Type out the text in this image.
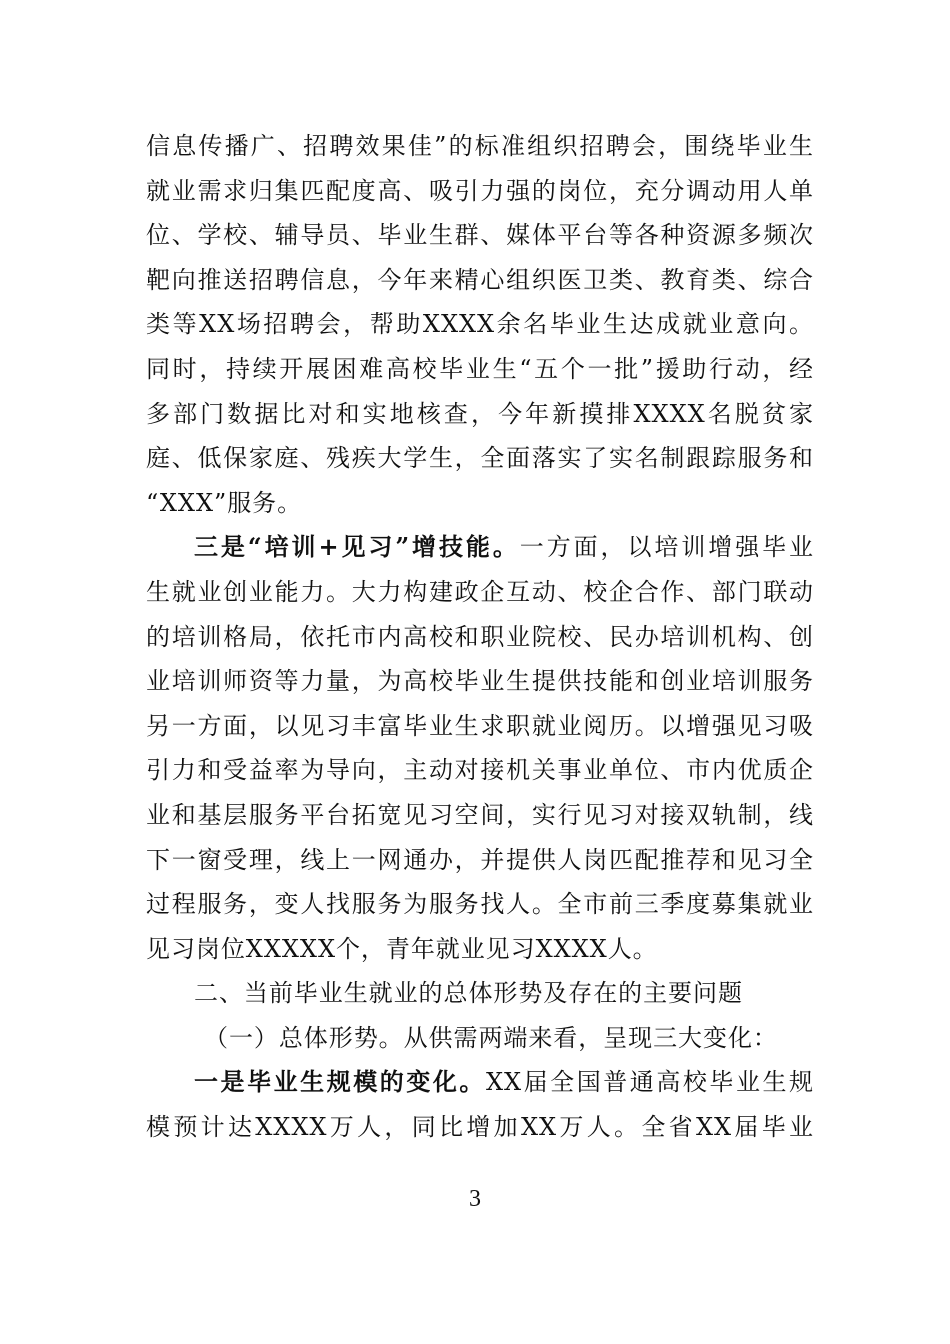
信息传播广、招聘效果佳”的标准组织招聘会，围绕毕业生
就业需求归集匹配度高、吸引力强的岗位，充分调动用人单
位、学校、辅导员、毕业生群、媒体平台等各种资源多频次
靶向推送招聘信息，今年来精心组织医卫类、教育类、综合
类等XX场招聘会，帮助XXXX余名毕业生达成就业意向。
同时，持续开展困难高校毕业生“五个一批”援助行动，经
多部门数据比对和实地核查，今年新摸排XXXX名脱贫家
庭、低保家庭、残疾大学生，全面落实了实名制跟踪服务和
“XXX”服务。
三是“培训+见习”增技能。一方面，以培训增强毕业
生就业创业能力。大力构建政企互动、校企合作、部门联动
的培训格局，依托市内高校和职业院校、民办培训机构、创
业培训师资等力量，为高校毕业生提供技能和创业培训服务
另一方面，以见习丰富毕业生求职就业阅历。以增强见习吸
引力和受益率为导向，主动对接机关事业单位、市内优质企
业和基层服务平台拓宽见习空间，实行见习对接双轨制，线
下一窗受理，线上一网通办，并提供人岗匹配推荐和见习全
过程服务，变人找服务为服务找人。全市前三季度募集就业
见习岗位XXXXX个，青年就业见习XXXX人。
二、当前毕业生就业的总体形势及存在的主要问题
（一）总体形势。从供需两端来看，呈现三大变化：
一是毕业生规模的变化。XX届全国普通高校毕业生规
模预计达XXXX万人，同比增加XX万人。全省XX届毕业
3
